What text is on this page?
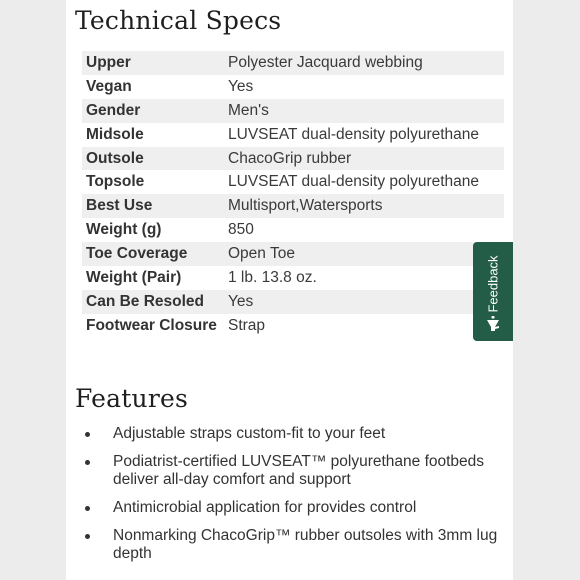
Technical Specs
Upper	Polyester Jacquard webbing
Vegan	Yes
Gender	Men's
Midsole	LUVSEAT dual-density polyurethane
Outsole	ChacoGrip rubber
Topsole	LUVSEAT dual-density polyurethane
Best Use	Multisport,Watersports
Weight (g)	850
Toe Coverage	Open Toe
Weight (Pair)	1 lb. 13.8 oz.
Can Be Resoled	Yes
Footwear Closure	Strap
Features
Adjustable straps custom-fit to your feet
Podiatrist-certified LUVSEAT™ polyurethane footbeds deliver all-day comfort and support
Antimicrobial application for provides control
Nonmarking ChacoGrip™ rubber outsoles with 3mm lug depth
Feedback
